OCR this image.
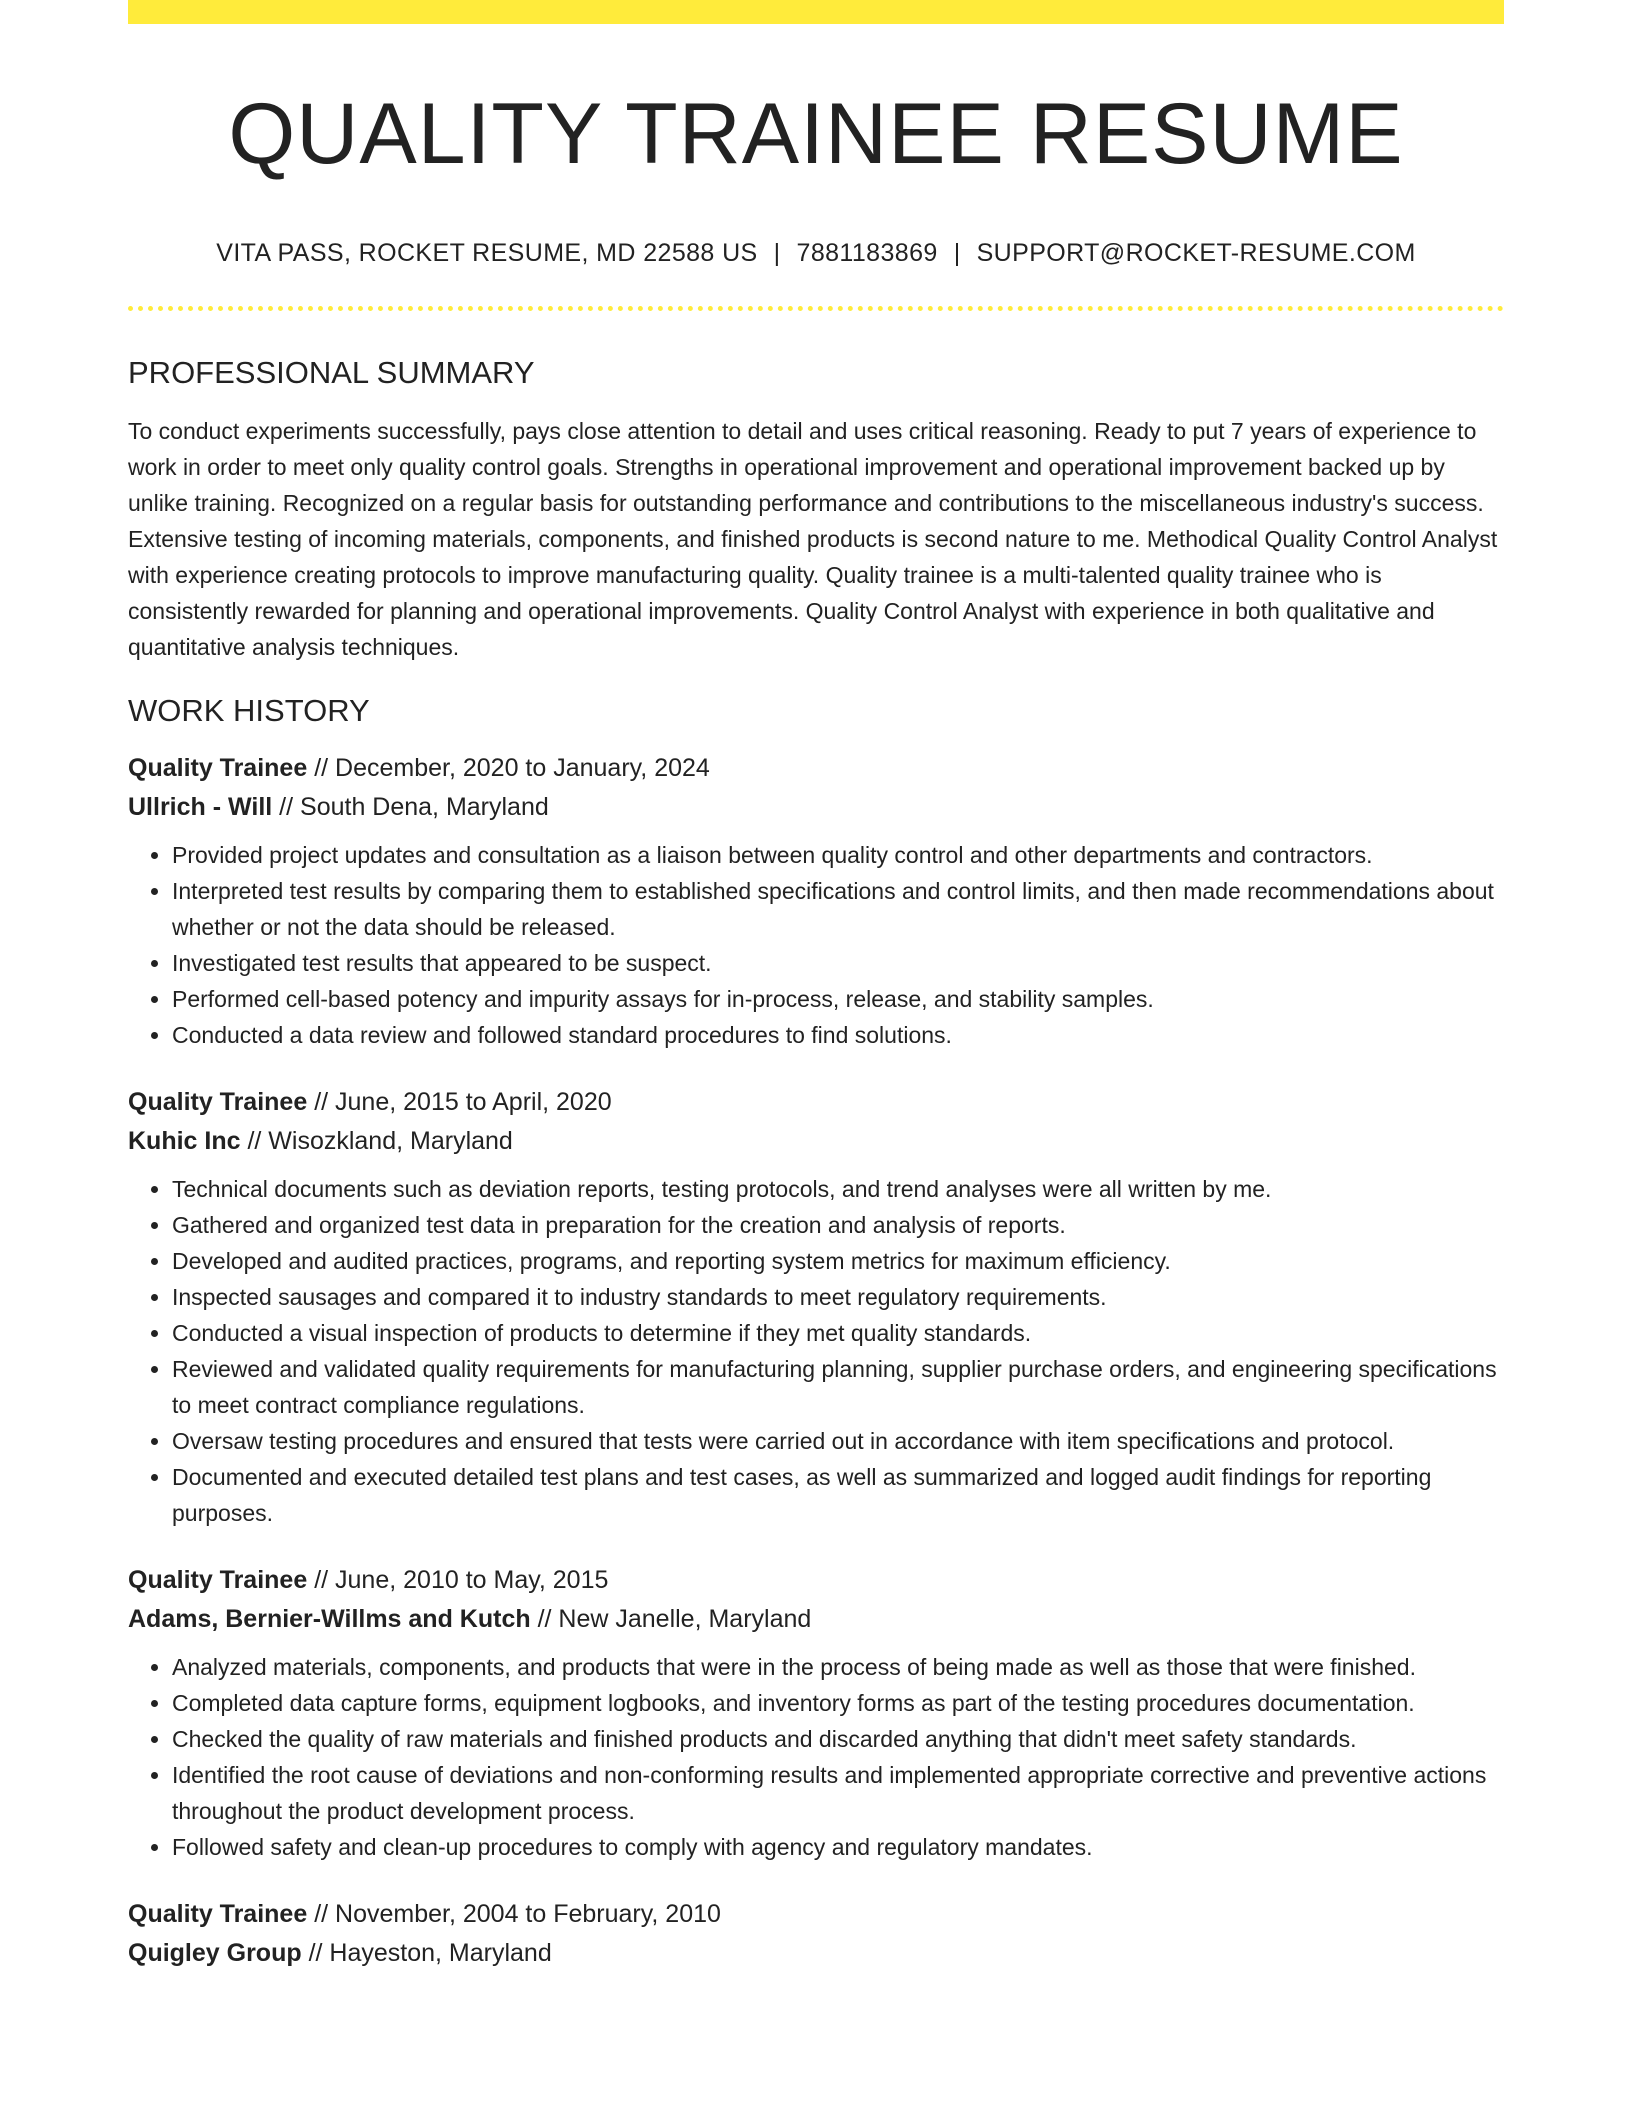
QUALITY TRAINEE RESUME
VITA PASS, ROCKET RESUME, MD 22588 US | 7881183869 | SUPPORT@ROCKET-RESUME.COM
PROFESSIONAL SUMMARY
To conduct experiments successfully, pays close attention to detail and uses critical reasoning. Ready to put 7 years of experience to work in order to meet only quality control goals. Strengths in operational improvement and operational improvement backed up by unlike training. Recognized on a regular basis for outstanding performance and contributions to the miscellaneous industry's success. Extensive testing of incoming materials, components, and finished products is second nature to me. Methodical Quality Control Analyst with experience creating protocols to improve manufacturing quality. Quality trainee is a multi-talented quality trainee who is consistently rewarded for planning and operational improvements. Quality Control Analyst with experience in both qualitative and quantitative analysis techniques.
WORK HISTORY
Quality Trainee // December, 2020 to January, 2024
Ullrich - Will // South Dena, Maryland
• Provided project updates and consultation as a liaison between quality control and other departments and contractors.
• Interpreted test results by comparing them to established specifications and control limits, and then made recommendations about whether or not the data should be released.
• Investigated test results that appeared to be suspect.
• Performed cell-based potency and impurity assays for in-process, release, and stability samples.
• Conducted a data review and followed standard procedures to find solutions.
Quality Trainee // June, 2015 to April, 2020
Kuhic Inc // Wisozkland, Maryland
• Technical documents such as deviation reports, testing protocols, and trend analyses were all written by me.
• Gathered and organized test data in preparation for the creation and analysis of reports.
• Developed and audited practices, programs, and reporting system metrics for maximum efficiency.
• Inspected sausages and compared it to industry standards to meet regulatory requirements.
• Conducted a visual inspection of products to determine if they met quality standards.
• Reviewed and validated quality requirements for manufacturing planning, supplier purchase orders, and engineering specifications to meet contract compliance regulations.
• Oversaw testing procedures and ensured that tests were carried out in accordance with item specifications and protocol.
• Documented and executed detailed test plans and test cases, as well as summarized and logged audit findings for reporting purposes.
Quality Trainee // June, 2010 to May, 2015
Adams, Bernier-Willms and Kutch // New Janelle, Maryland
• Analyzed materials, components, and products that were in the process of being made as well as those that were finished.
• Completed data capture forms, equipment logbooks, and inventory forms as part of the testing procedures documentation.
• Checked the quality of raw materials and finished products and discarded anything that didn't meet safety standards.
• Identified the root cause of deviations and non-conforming results and implemented appropriate corrective and preventive actions throughout the product development process.
• Followed safety and clean-up procedures to comply with agency and regulatory mandates.
Quality Trainee // November, 2004 to February, 2010
Quigley Group // Hayeston, Maryland
